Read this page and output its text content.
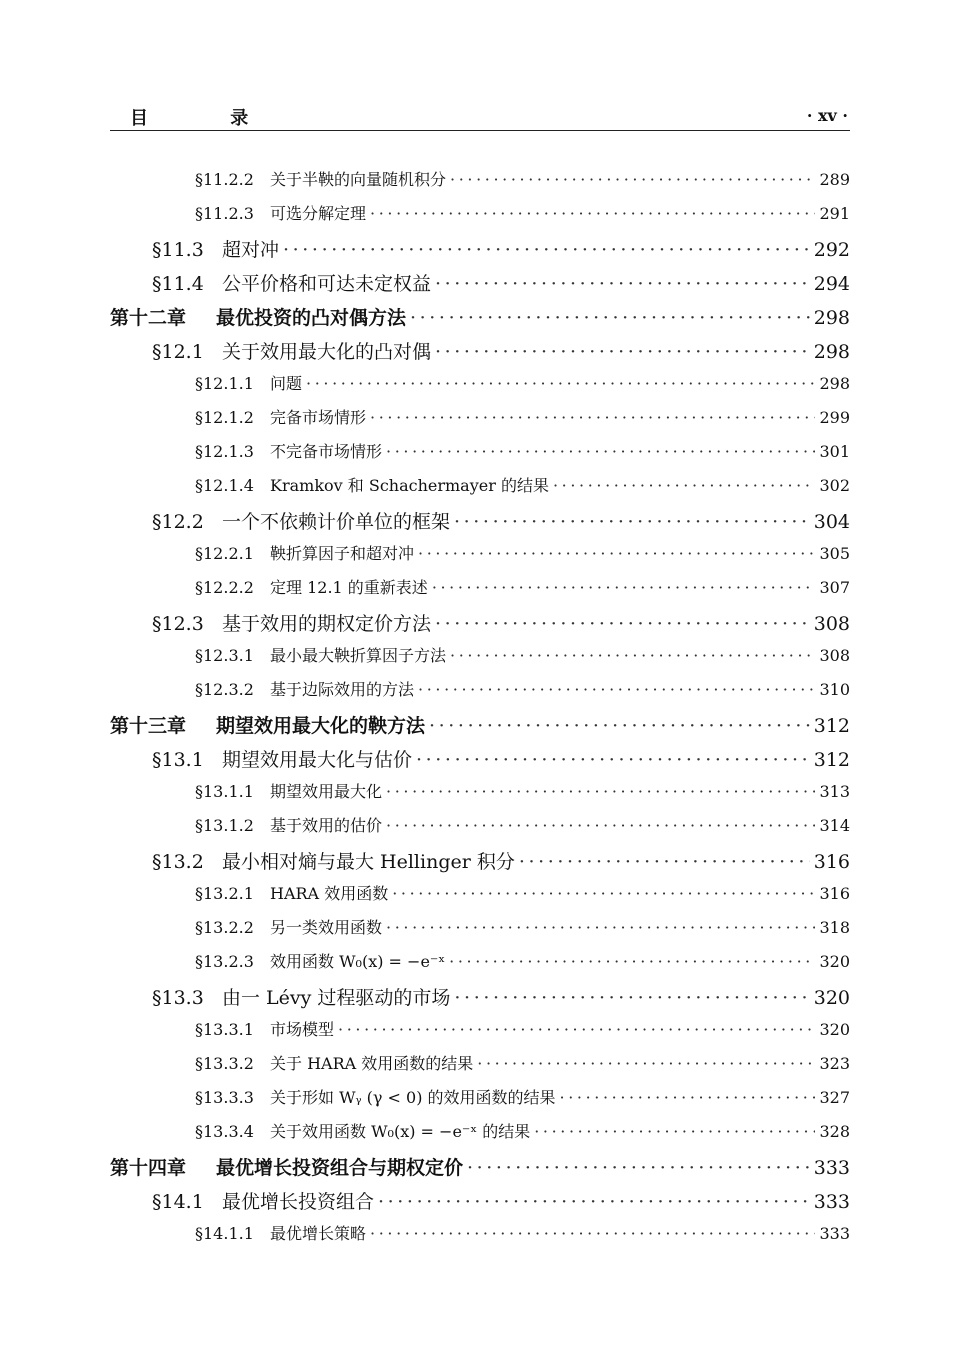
目 录	· xv ·
§11.2.2	关于半鞅的向量随机积分 ·····	289
§11.2.3	可选分解定理 ·····	291
§11.3 超对冲 ·····	292
§11.4 公平价格和可达未定权益 ·····	294
第十二章	最优投资的凸对偶方法 ·····	298
§12.1 关于效用最大化的凸对偶 ·····	298
§12.1.1	问题 ·····	298
§12.1.2	完备市场情形 ·····	299
§12.1.3	不完备市场情形 ·····	301
§12.1.4	Kramkov 和 Schachermayer 的结果 ·····	302
§12.2 一个不依赖计价单位的框架 ·····	304
§12.2.1	鞅折算因子和超对冲 ·····	305
§12.2.2	定理 12.1 的重新表述 ·····	307
§12.3 基于效用的期权定价方法 ·····	308
§12.3.1	最小最大鞅折算因子方法 ·····	308
§12.3.2	基于边际效用的方法 ·····	310
第十三章	期望效用最大化的鞅方法 ·····	312
§13.1 期望效用最大化与估价 ·····	312
§13.1.1	期望效用最大化 ·····	313
§13.1.2	基于效用的估价 ·····	314
§13.2 最小相对熵与最大 Hellinger 积分 ·····	316
§13.2.1	HARA 效用函数 ·····	316
§13.2.2	另一类效用函数 ·····	318
§13.2.3	效用函数 W₀(x) = −e⁻ˣ ·····	320
§13.3 由一 Lévy 过程驱动的市场 ·····	320
§13.3.1	市场模型 ·····	320
§13.3.2	关于 HARA 效用函数的结果 ·····	323
§13.3.3	关于形如 Wᵧ (γ < 0) 的效用函数的结果 ·····	327
§13.3.4	关于效用函数 W₀(x) = −e⁻ˣ 的结果 ·····	328
第十四章	最优增长投资组合与期权定价 ·····	333
§14.1 最优增长投资组合 ·····	333
§14.1.1	最优增长策略 ·····	333
